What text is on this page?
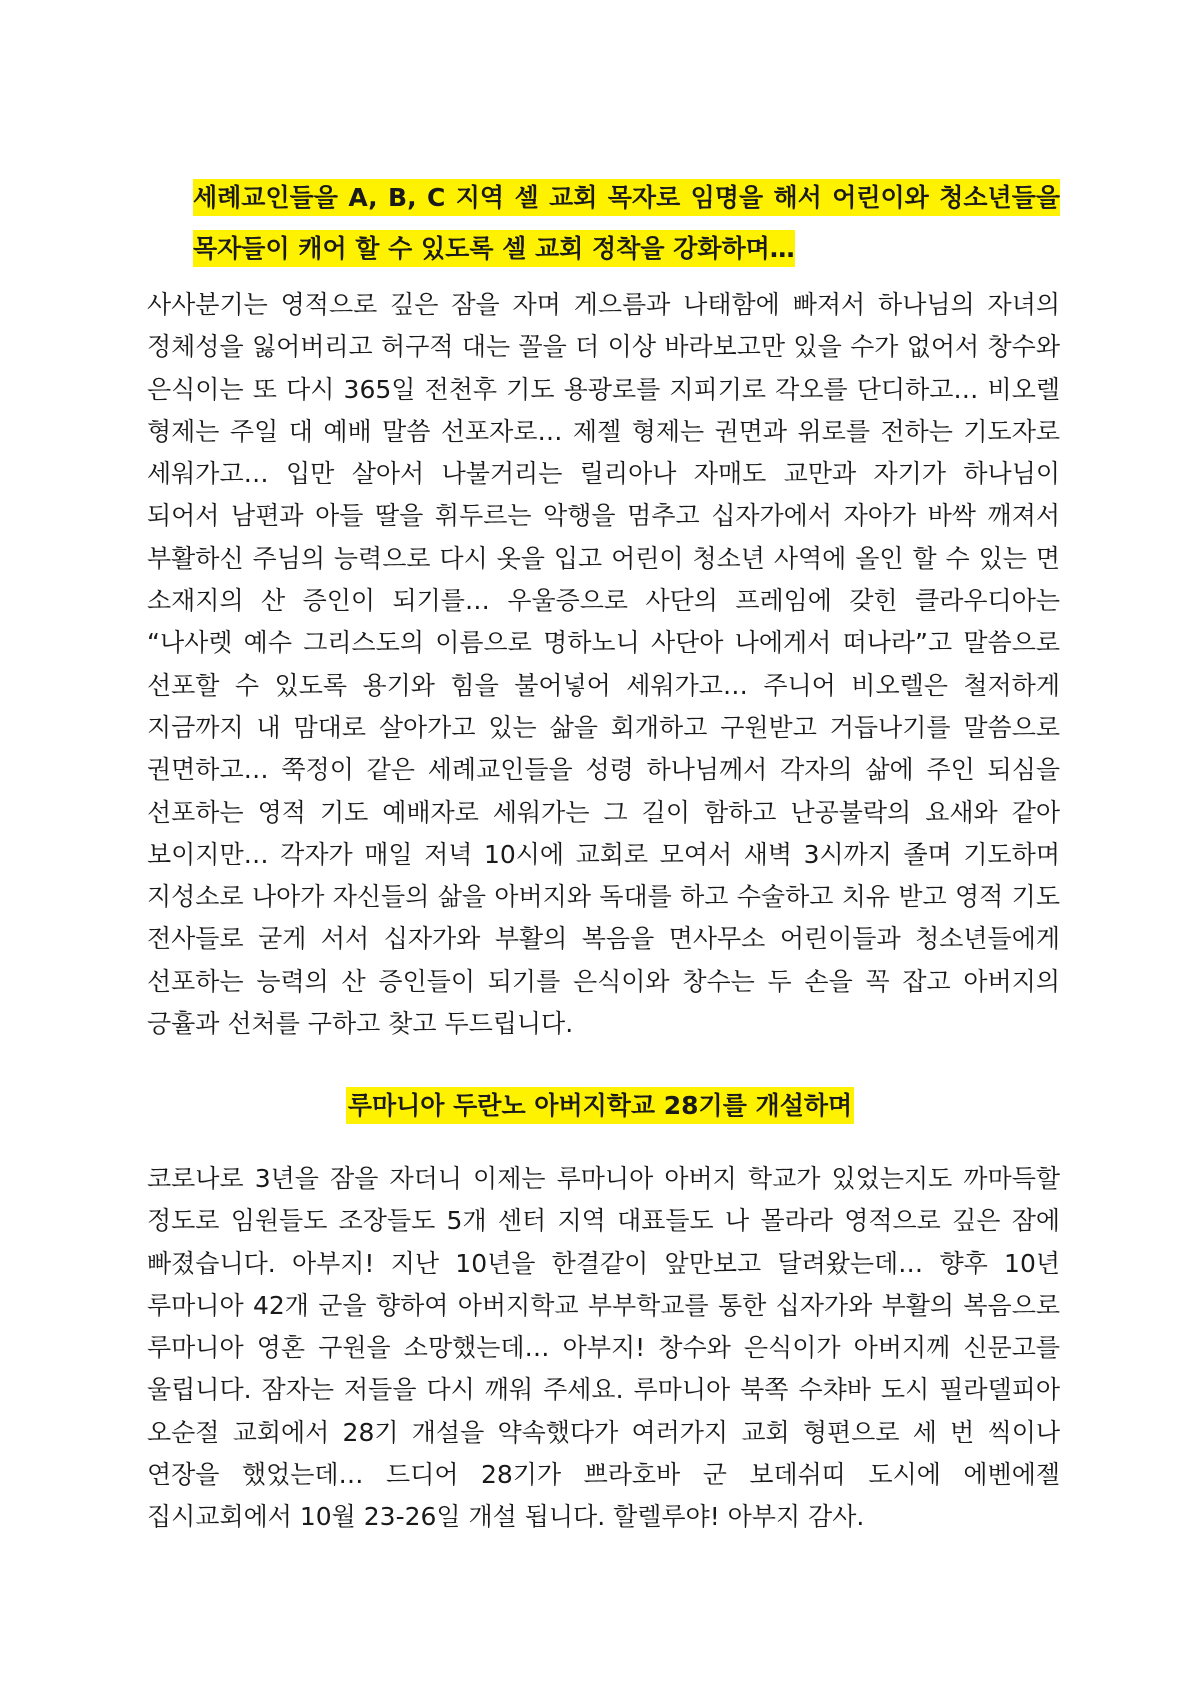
세례교인들을 A, B, C 지역 셀 교회 목자로 임명을 해서 어린이와 청소년들을 목자들이 캐어 할 수 있도록 셀 교회 정착을 강화하며…

사사분기는 영적으로 깊은 잠을 자며 게으름과 나태함에 빠져서 하나님의 자녀의 정체성을 잃어버리고 허구적 대는 꼴을 더 이상 바라보고만 있을 수가 없어서 창수와 은식이는 또 다시 365일 전천후 기도 용광로를 지피기로 각오를 단디하고… 비오렐 형제는 주일 대 예배 말씀 선포자로… 제젤 형제는 권면과 위로를 전하는 기도자로 세워가고… 입만 살아서 나불거리는 릴리아나 자매도 교만과 자기가 하나님이 되어서 남편과 아들 딸을 휘두르는 악행을 멈추고 십자가에서 자아가 바싹 깨져서 부활하신 주님의 능력으로 다시 옷을 입고 어린이 청소년 사역에 올인 할 수 있는 면 소재지의 산 증인이 되기를… 우울증으로 사단의 프레임에 갖힌 클라우디아는 “나사렛 예수 그리스도의 이름으로 명하노니 사단아 나에게서 떠나라”고 말씀으로 선포할 수 있도록 용기와 힘을 불어넣어 세워가고… 주니어 비오렐은 철저하게 지금까지 내 맘대로 살아가고 있는 삶을 회개하고 구원받고 거듭나기를 말씀으로 권면하고… 쭉정이 같은 세례교인들을 성령 하나님께서 각자의 삶에 주인 되심을 선포하는 영적 기도 예배자로 세워가는 그 길이 함하고 난공불락의 요새와 같아 보이지만… 각자가 매일 저녁 10시에 교회로 모여서 새벽 3시까지 졸며 기도하며 지성소로 나아가 자신들의 삶을 아버지와 독대를 하고 수술하고 치유 받고 영적 기도 전사들로 굳게 서서 십자가와 부활의 복음을 면사무소 어린이들과 청소년들에게 선포하는 능력의 산 증인들이 되기를 은식이와 창수는 두 손을 꼭 잡고 아버지의 긍휼과 선처를 구하고 찾고 두드립니다.

루마니아 두란노 아버지학교 28기를 개설하며

코로나로 3년을 잠을 자더니 이제는 루마니아 아버지 학교가 있었는지도 까마득할 정도로 임원들도 조장들도 5개 센터 지역 대표들도 나 몰라라 영적으로 깊은 잠에 빠졌습니다. 아부지! 지난 10년을 한결같이 앞만보고 달려왔는데… 향후 10년 루마니아 42개 군을 향하여 아버지학교 부부학교를 통한 십자가와 부활의 복음으로 루마니아 영혼 구원을 소망했는데… 아부지! 창수와 은식이가 아버지께 신문고를 울립니다. 잠자는 저들을 다시 깨워 주세요. 루마니아 북쪽 수챠바 도시 필라델피아 오순절 교회에서 28기 개설을 약속했다가 여러가지 교회 형편으로 세 번 씩이나 연장을 했었는데… 드디어 28기가 쁘라호바 군 보데쉬띠 도시에 에벤에젤 집시교회에서 10월 23-26일 개설 됩니다. 할렐루야! 아부지 감사.
